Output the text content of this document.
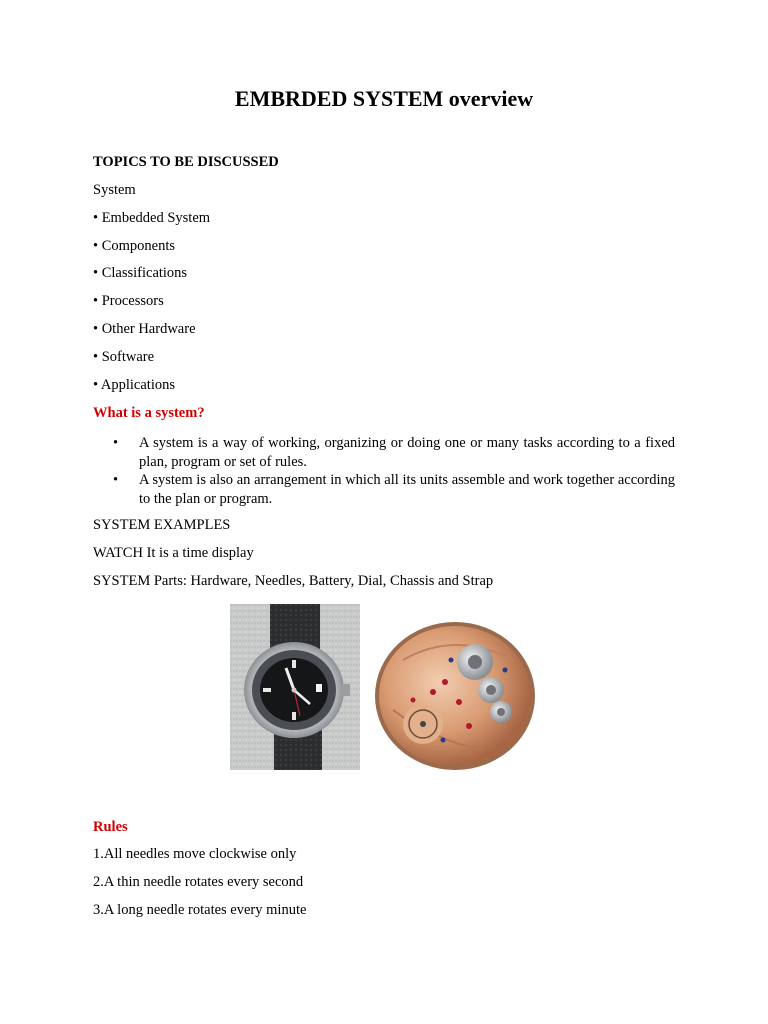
EMBRDED SYSTEM overview
TOPICS TO BE DISCUSSED
System
• Embedded System
• Components
• Classifications
• Processors
• Other Hardware
• Software
• Applications
What is a system?
• A system is a way of working, organizing or doing one or many tasks according to a fixed plan, program or set of rules.
• A system is also an arrangement in which all its units assemble and work together according to the plan or program.
SYSTEM EXAMPLES
WATCH It is a time display
SYSTEM Parts: Hardware, Needles, Battery, Dial, Chassis and Strap
Rules
1.All needles move clockwise only
2.A thin needle rotates every second
3.A long needle rotates every minute
